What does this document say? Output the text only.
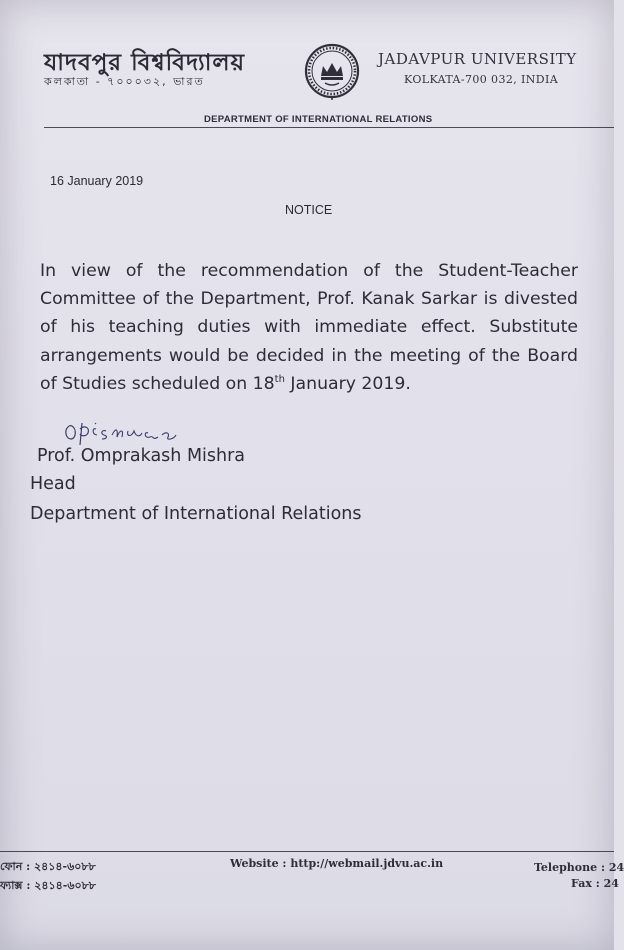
যাদবপুর বিশ্ববিদ্যালয়
কলকাতা - ৭০০০৩২, ভারত
JADAVPUR UNIVERSITY
KOLKATA-700 032, INDIA
DEPARTMENT OF INTERNATIONAL RELATIONS
16 January 2019
NOTICE
In view of the recommendation of the Student-Teacher Committee of the Department, Prof. Kanak Sarkar is divested of his teaching duties with immediate effect. Substitute arrangements would be decided in the meeting of the Board of Studies scheduled on 18th January 2019.
Prof. Omprakash Mishra
Head
Department of International Relations
ফোন : ২৪১৪-৬০৮৮
ফ্যাক্স : ২৪১৪-৬০৮৮
Website : http://webmail.jdvu.ac.in	Telephone : 24
Fax : 24
